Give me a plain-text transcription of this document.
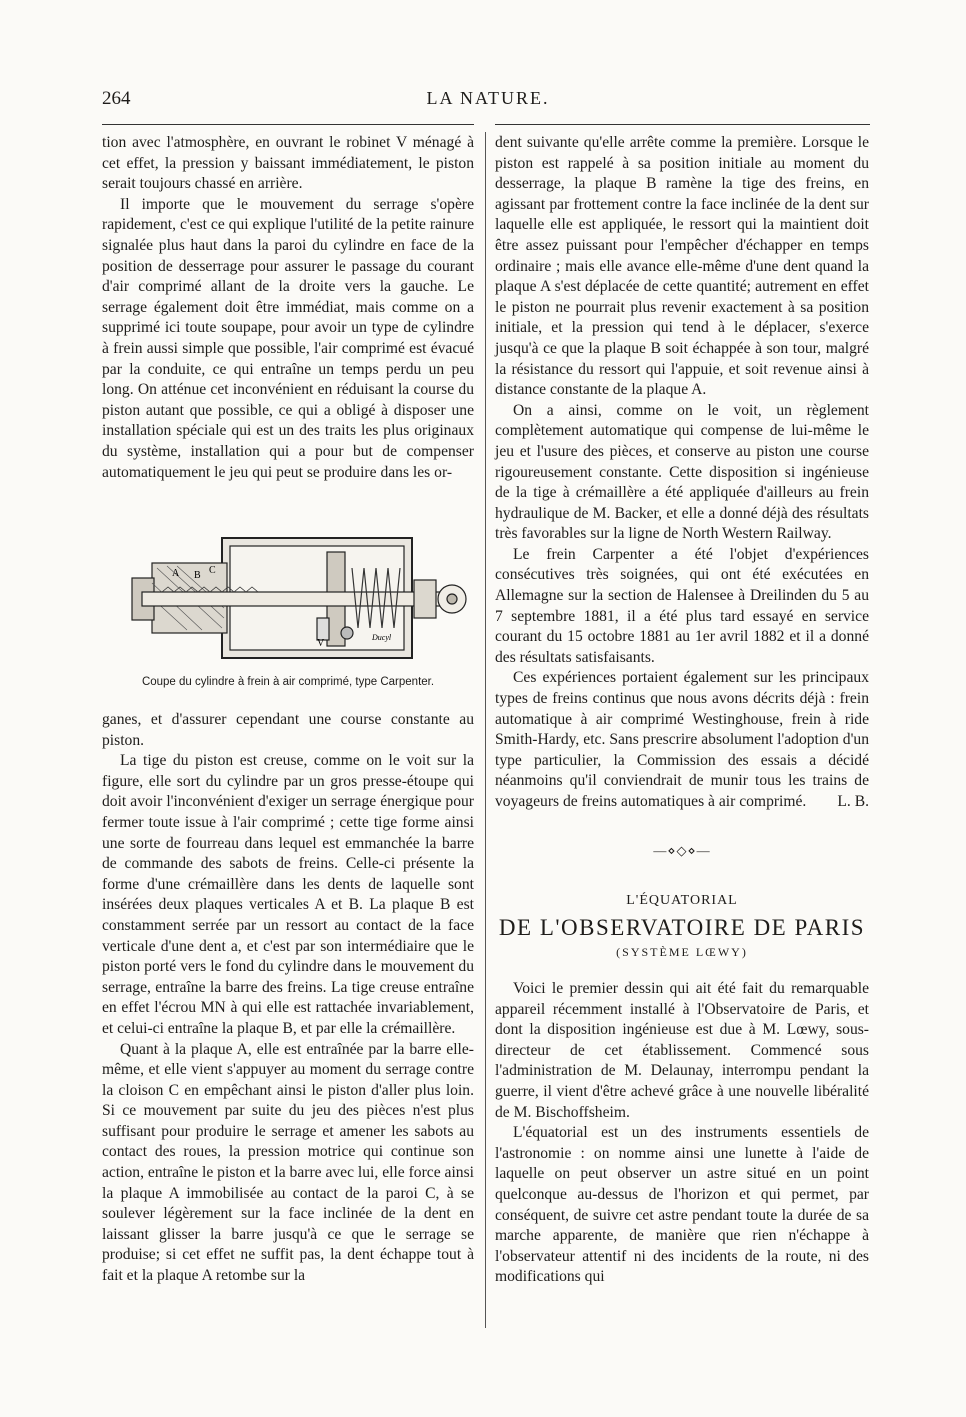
264	LA NATURE.

tion avec l'atmosphère, en ouvrant le robinet V ménagé à cet effet, la pression y baissant immédiatement, le piston serait toujours chassé en arrière.

Il importe que le mouvement du serrage s'opère rapidement, c'est ce qui explique l'utilité de la petite rainure signalée plus haut dans la paroi du cylindre en face de la position de desserrage pour assurer le passage du courant d'air comprimé allant de la droite vers la gauche. Le serrage également doit être immédiat, mais comme on a supprimé ici toute soupape, pour avoir un type de cylindre à frein aussi simple que possible, l'air comprimé est évacué par la conduite, ce qui entraîne un temps perdu un peu long. On atténue cet inconvénient en réduisant la course du piston autant que possible, ce qui a obligé à disposer une installation spéciale qui est un des traits les plus originaux du système, installation qui a pour but de compenser automatiquement le jeu qui peut se produire dans les or-

A B C
V
Ducyl
Coupe du cylindre à frein à air comprimé, type Carpenter.

ganes, et d'assurer cependant une course constante au piston.

La tige du piston est creuse, comme on le voit sur la figure, elle sort du cylindre par un gros presse-étoupe qui doit avoir l'inconvénient d'exiger un serrage énergique pour fermer toute issue à l'air comprimé ; cette tige forme ainsi une sorte de fourreau dans lequel est emmanchée la barre de commande des sabots de freins. Celle-ci présente la forme d'une crémaillère dans les dents de laquelle sont insérées deux plaques verticales A et B. La plaque B est constamment serrée par un ressort au contact de la face verticale d'une dent a, et c'est par son intermédiaire que le piston porté vers le fond du cylindre dans le mouvement du serrage, entraîne la barre des freins. La tige creuse entraîne en effet l'écrou MN à qui elle est rattachée invariablement, et celui-ci entraîne la plaque B, et par elle la crémaillère.

Quant à la plaque A, elle est entraînée par la barre elle-même, et elle vient s'appuyer au moment du serrage contre la cloison C en empêchant ainsi le piston d'aller plus loin. Si ce mouvement par suite du jeu des pièces n'est plus suffisant pour produire le serrage et amener les sabots au contact des roues, la pression motrice qui continue son action, entraîne le piston et la barre avec lui, elle force ainsi la plaque A immobilisée au contact de la paroi C, à se soulever légèrement sur la face inclinée de la dent en laissant glisser la barre jusqu'à ce que le serrage se produise; si cet effet ne suffit pas, la dent échappe tout à fait et la plaque A retombe sur la

dent suivante qu'elle arrête comme la première. Lorsque le piston est rappelé à sa position initiale au moment du desserrage, la plaque B ramène la tige des freins, en agissant par frottement contre la face inclinée de la dent sur laquelle elle est appliquée, le ressort qui la maintient doit être assez puissant pour l'empêcher d'échapper en temps ordinaire ; mais elle avance elle-même d'une dent quand la plaque A s'est déplacée de cette quantité; autrement en effet le piston ne pourrait plus revenir exactement à sa position initiale, et la pression qui tend à le déplacer, s'exerce jusqu'à ce que la plaque B soit échappée à son tour, malgré la résistance du ressort qui l'appuie, et soit revenue ainsi à distance constante de la plaque A.

On a ainsi, comme on le voit, un règlement complètement automatique qui compense de lui-même le jeu et l'usure des pièces, et conserve au piston une course rigoureusement constante. Cette disposition si ingénieuse de la tige à crémaillère a été appliquée d'ailleurs au frein hydraulique de M. Backer, et elle a donné déjà des résultats très favorables sur la ligne de North Western Railway.

Le frein Carpenter a été l'objet d'expériences consécutives très soignées, qui ont été exécutées en Allemagne sur la section de Halensee à Dreilinden du 5 au 7 septembre 1881, il a été plus tard essayé en service courant du 15 octobre 1881 au 1er avril 1882 et il a donné des résultats satisfaisants.

Ces expériences portaient également sur les principaux types de freins continus que nous avons décrits déjà : frein automatique à air comprimé Westinghouse, frein à ride Smith-Hardy, etc. Sans prescrire absolument l'adoption d'un type particulier, la Commission des essais a décidé néanmoins qu'il conviendrait de munir tous les trains de voyageurs de freins automatiques à air comprimé.	L. B.

—⋄◇⋄—
L'ÉQUATORIAL
DE L'OBSERVATOIRE DE PARIS
(SYSTÈME LŒWY)

Voici le premier dessin qui ait été fait du remarquable appareil récemment installé à l'Observatoire de Paris, et dont la disposition ingénieuse est due à M. Lœwy, sous-directeur de cet établissement. Commencé sous l'administration de M. Delaunay, interrompu pendant la guerre, il vient d'être achevé grâce à une nouvelle libéralité de M. Bischoffsheim.

L'équatorial est un des instruments essentiels de l'astronomie : on nomme ainsi une lunette à l'aide de laquelle on peut observer un astre situé en un point quelconque au-dessus de l'horizon et qui permet, par conséquent, de suivre cet astre pendant toute la durée de sa marche apparente, de manière que rien n'échappe à l'observateur attentif ni des incidents de la route, ni des modifications qui
